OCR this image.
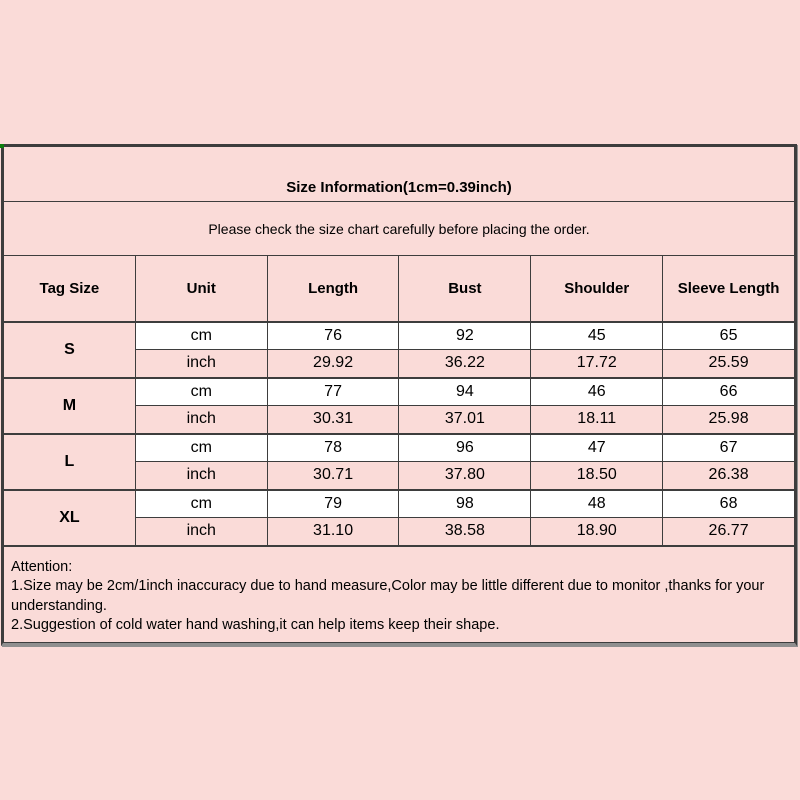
Size Information(1cm=0.39inch)					
Please check the size chart carefully before placing the order.					
Tag Size	Unit	Length	Bust	Shoulder	Sleeve Length
S	cm	76	92	45	65
	inch	29.92	36.22	17.72	25.59
M	cm	77	94	46	66
	inch	30.31	37.01	18.11	25.98
L	cm	78	96	47	67
	inch	30.71	37.80	18.50	26.38
XL	cm	79	98	48	68
	inch	31.10	38.58	18.90	26.77

Attention:
1.Size may be 2cm/1inch inaccuracy due to hand measure,Color may be little different due to monitor ,thanks for your understanding.
2.Suggestion of cold water hand washing,it can help items keep their shape.					
